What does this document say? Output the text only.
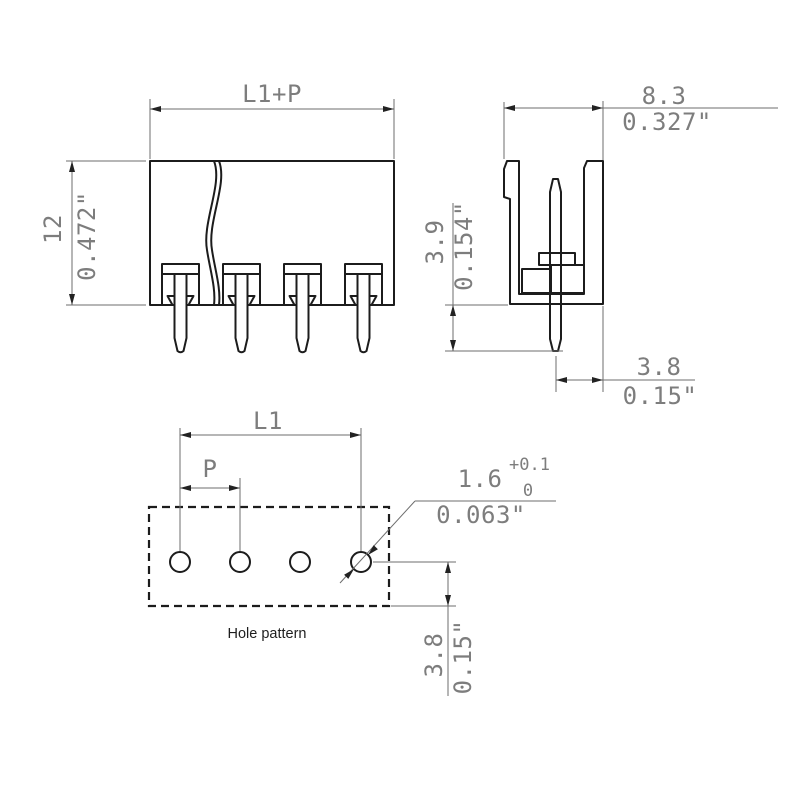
L1+P
12 0.472"
8.3
0.327"
3.9 0.154"
3.8
0.15"
L1
P	1.6 +0.1
0
0.063"
3.8 0.15"
Hole pattern
